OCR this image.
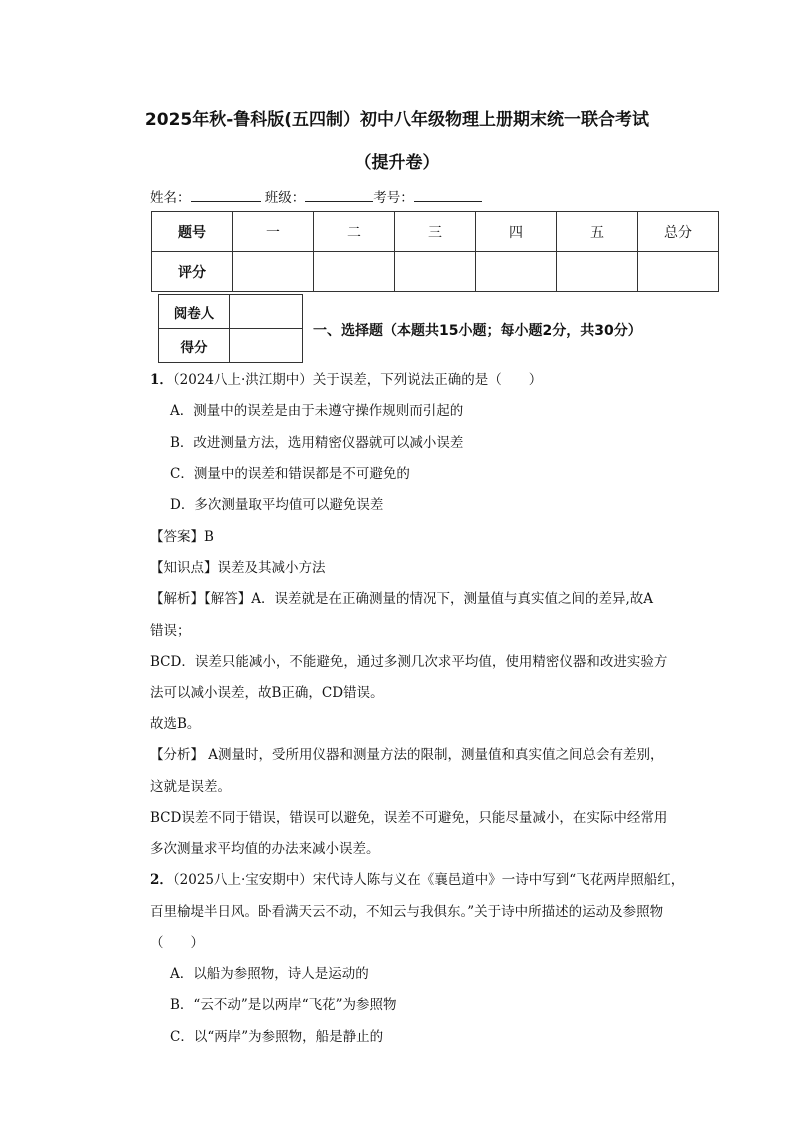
2025年秋-鲁科版(五四制）初中八年级物理上册期末统一联合考试
（提升卷）
姓名：	班级：	考号：
题号	一	二	三	四	五	总分
评分						
阅卷人	
得分	
一、选择题（本题共15小题；每小题2分，共30分）
1．（2024八上·洪江期中）关于误差，下列说法正确的是（　　）
A．测量中的误差是由于未遵守操作规则而引起的
B．改进测量方法，选用精密仪器就可以减小误差
C．测量中的误差和错误都是不可避免的
D．多次测量取平均值可以避免误差
【答案】B
【知识点】误差及其减小方法
【解析】【解答】A．误差就是在正确测量的情况下，测量值与真实值之间的差异,故A
错误；
BCD．误差只能减小，不能避免，通过多测几次求平均值，使用精密仪器和改进实验方
法可以减小误差，故B正确，CD错误。
故选B。
【分析】 A测量时，受所用仪器和测量方法的限制，测量值和真实值之间总会有差别，
这就是误差。
BCD误差不同于错误，错误可以避免，误差不可避免，只能尽量减小，在实际中经常用
多次测量求平均值的办法来减小误差。
2．（2025八上·宝安期中）宋代诗人陈与义在《襄邑道中》一诗中写到“飞花两岸照船红，
百里榆堤半日风。卧看满天云不动，不知云与我俱东。”关于诗中所描述的运动及参照物
（　　）
A．以船为参照物，诗人是运动的
B．“云不动”是以两岸“飞花”为参照物
C．以“两岸”为参照物，船是静止的
